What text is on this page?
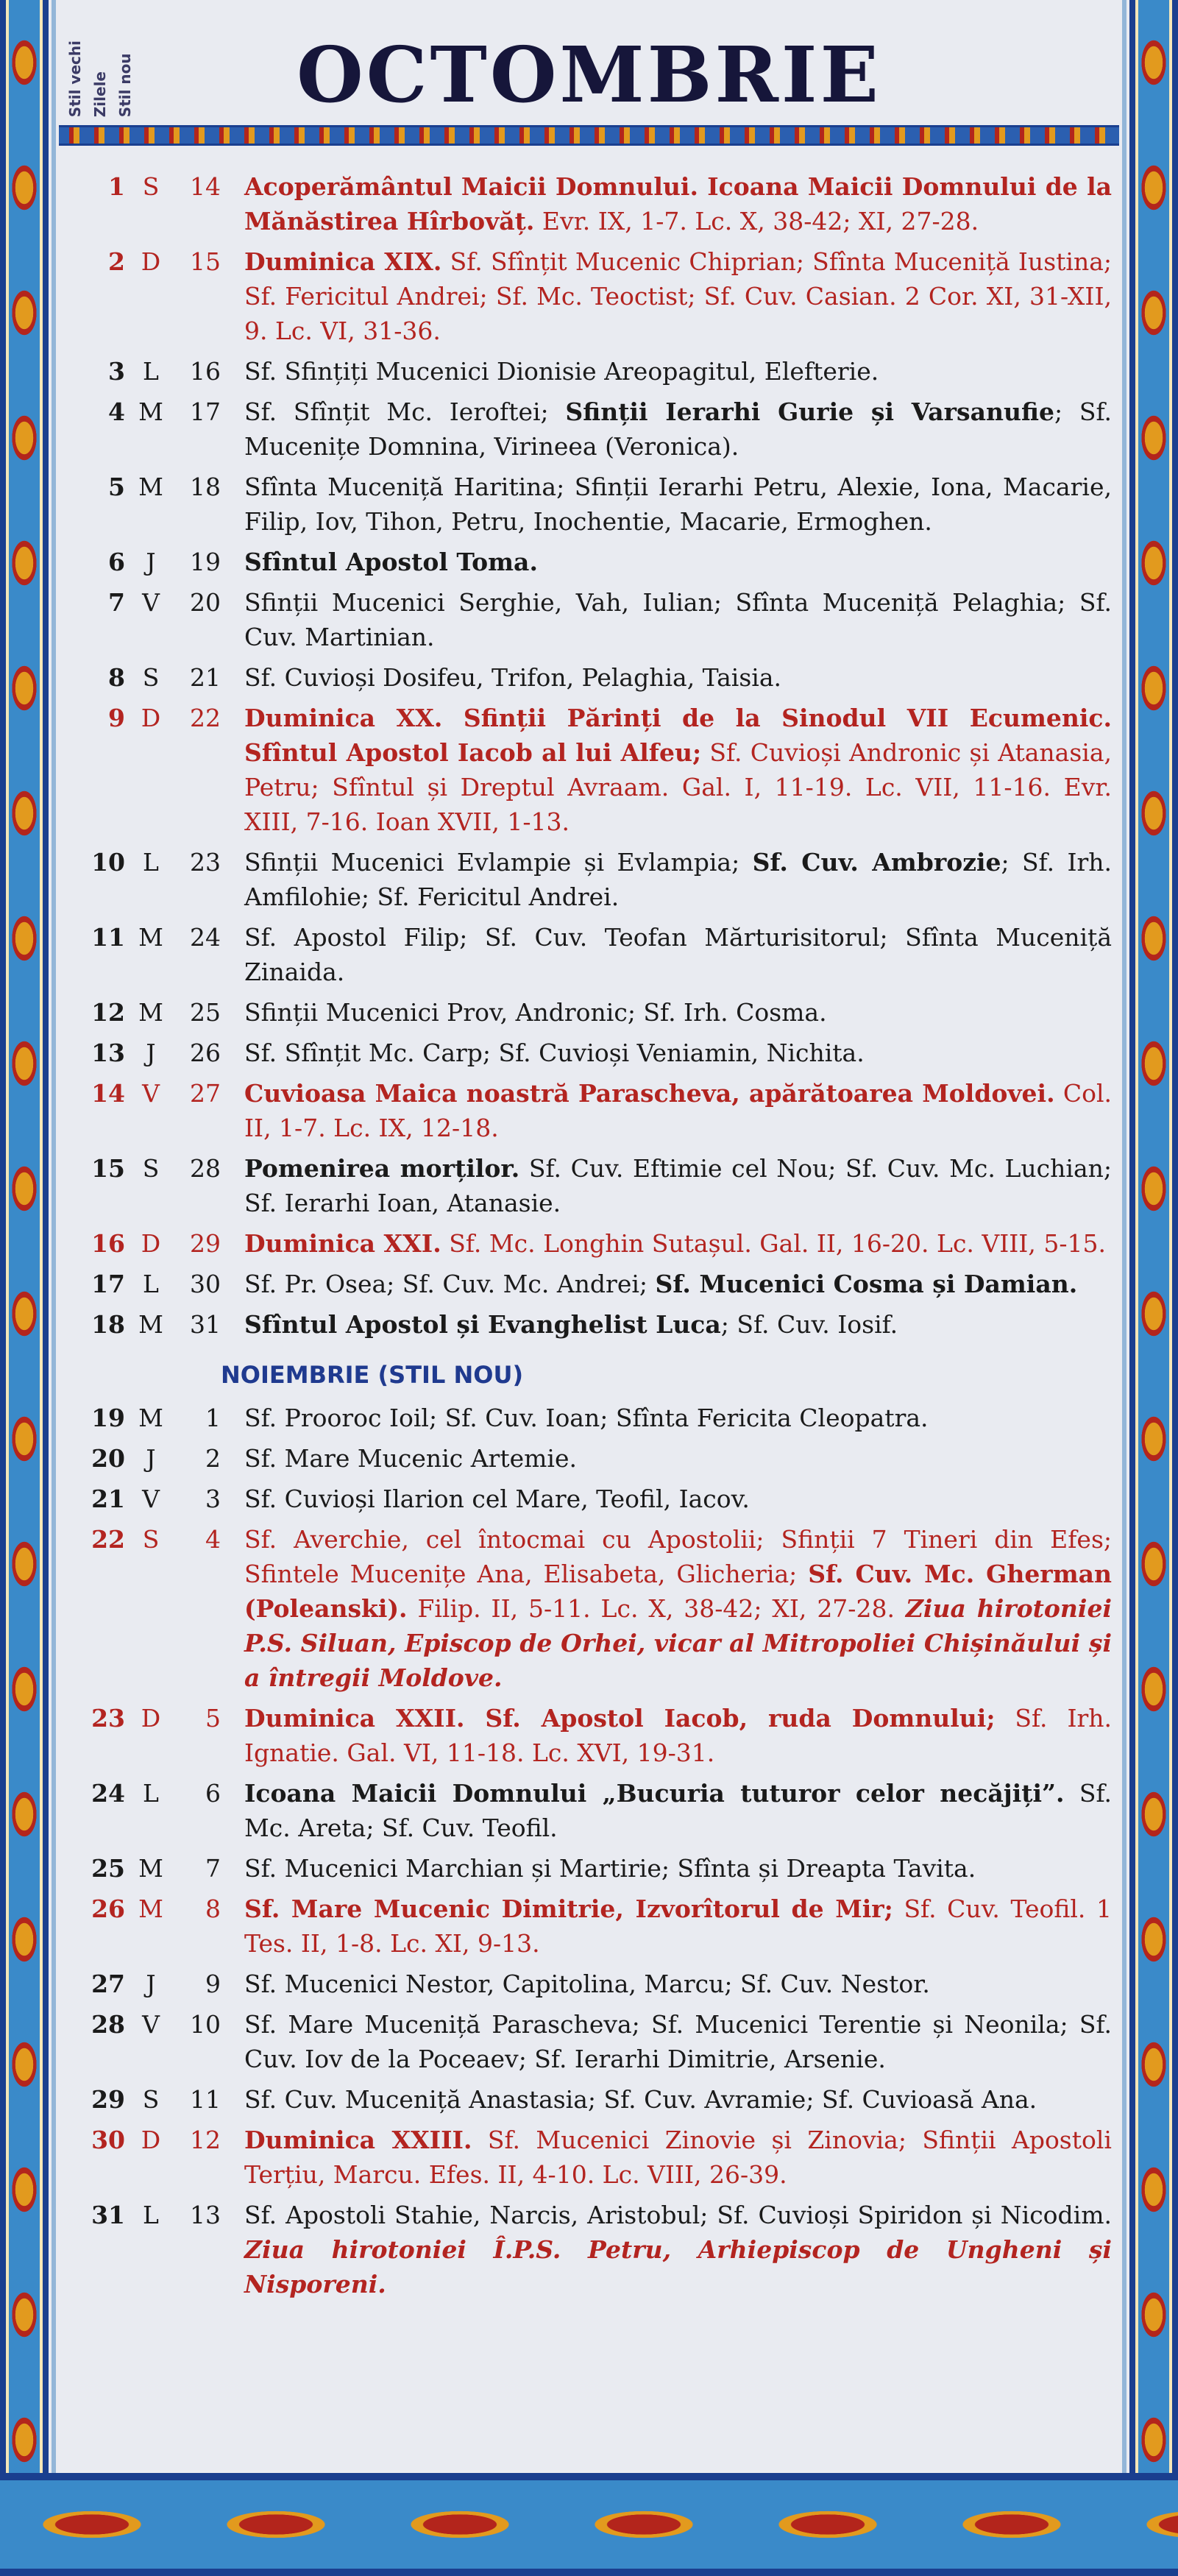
Stil vechi Zilele Stil nou	OCTOMBRIE
1 S	14 Acoperământul Maicii Domnului. Icoana Maicii Domnului de la Mănăstirea Hîrbovăț. Evr. IX, 1-7. Lc. X, 38-42; XI, 27-28.
2 D	15 Duminica XIX. Sf. Sfînțit Mucenic Chiprian; Sfînta Muceniță Iustina; Sf. Fericitul Andrei; Sf. Mc. Teoctist; Sf. Cuv. Casian. 2 Cor. XI, 31-XII, 9. Lc. VI, 31-36.
3 L	16 Sf. Sfințiți Mucenici Dionisie Areopagitul, Elefterie.
4 M	17 Sf. Sfînțit Mc. Ieroftei; Sfinții Ierarhi Gurie și Varsanufie; Sf. Mucenițe Domnina, Virineea (Veronica).
5 M	18 Sfînta Muceniță Haritina; Sfinții Ierarhi Petru, Alexie, Iona, Macarie, Filip, Iov, Tihon, Petru, Inochentie, Macarie, Ermoghen.
6 J	19 Sfîntul Apostol Toma.
7 V	20 Sfinții Mucenici Serghie, Vah, Iulian; Sfînta Muceniță Pelaghia; Sf. Cuv. Martinian.
8 S	21 Sf. Cuvioși Dosifeu, Trifon, Pelaghia, Taisia.
9 D	22 Duminica XX. Sfinții Părinți de la Sinodul VII Ecumenic. Sfîntul Apostol Iacob al lui Alfeu; Sf. Cuvioși Andronic și Atanasia, Petru; Sfîntul și Dreptul Avraam. Gal. I, 11-19. Lc. VII, 11-16. Evr. XIII, 7-16. Ioan XVII, 1-13.
10 L	23 Sfinții Mucenici Evlampie și Evlampia; Sf. Cuv. Ambrozie; Sf. Irh. Amfilohie; Sf. Fericitul Andrei.
11 M	24 Sf. Apostol Filip; Sf. Cuv. Teofan Mărturisitorul; Sfînta Muceniță Zinaida.
12 M	25 Sfinții Mucenici Prov, Andronic; Sf. Irh. Cosma.
13 J	26 Sf. Sfînțit Mc. Carp; Sf. Cuvioși Veniamin, Nichita.
14 V	27 Cuvioasa Maica noastră Parascheva, apărătoarea Moldovei. Col. II, 1-7. Lc. IX, 12-18.
15 S	28 Pomenirea morților. Sf. Cuv. Eftimie cel Nou; Sf. Cuv. Mc. Luchian; Sf. Ierarhi Ioan, Atanasie.
16 D	29 Duminica XXI. Sf. Mc. Longhin Sutașul. Gal. II, 16-20. Lc. VIII, 5-15.
17 L	30 Sf. Pr. Osea; Sf. Cuv. Mc. Andrei; Sf. Mucenici Cosma și Damian.
18 M	31 Sfîntul Apostol și Evanghelist Luca; Sf. Cuv. Iosif.
NOIEMBRIE (STIL NOU)
19 M	1 Sf. Prooroc Ioil; Sf. Cuv. Ioan; Sfînta Fericita Cleopatra.
20 J	2 Sf. Mare Mucenic Artemie.
21 V	3 Sf. Cuvioși Ilarion cel Mare, Teofil, Iacov.
22 S	4 Sf. Averchie, cel întocmai cu Apostolii; Sfinții 7 Tineri din Efes; Sfintele Mucenițe Ana, Elisabeta, Glicheria; Sf. Cuv. Mc. Gherman (Poleanski). Filip. II, 5-11. Lc. X, 38-42; XI, 27-28. Ziua hirotoniei P.S. Siluan, Episcop de Orhei, vicar al Mitropoliei Chișinăului și a întregii Moldove.
23 D	5 Duminica XXII. Sf. Apostol Iacob, ruda Domnului; Sf. Irh. Ignatie. Gal. VI, 11-18. Lc. XVI, 19-31.
24 L	6 Icoana Maicii Domnului „Bucuria tuturor celor necăjiți”. Sf. Mc. Areta; Sf. Cuv. Teofil.
25 M	7 Sf. Mucenici Marchian și Martirie; Sfînta și Dreapta Tavita.
26 M	8 Sf. Mare Mucenic Dimitrie, Izvorîtorul de Mir; Sf. Cuv. Teofil. 1 Tes. II, 1-8. Lc. XI, 9-13.
27 J	9 Sf. Mucenici Nestor, Capitolina, Marcu; Sf. Cuv. Nestor.
28 V	10 Sf. Mare Muceniță Parascheva; Sf. Mucenici Terentie și Neonila; Sf. Cuv. Iov de la Poceaev; Sf. Ierarhi Dimitrie, Arsenie.
29 S	11 Sf. Cuv. Muceniță Anastasia; Sf. Cuv. Avramie; Sf. Cuvioasă Ana.
30 D	12 Duminica XXIII. Sf. Mucenici Zinovie și Zinovia; Sfinții Apostoli Terțiu, Marcu. Efes. II, 4-10. Lc. VIII, 26-39.
31 L	13 Sf. Apostoli Stahie, Narcis, Aristobul; Sf. Cuvioși Spiridon și Nicodim. Ziua hirotoniei Î.P.S. Petru, Arhiepiscop de Ungheni și Nisporeni.
